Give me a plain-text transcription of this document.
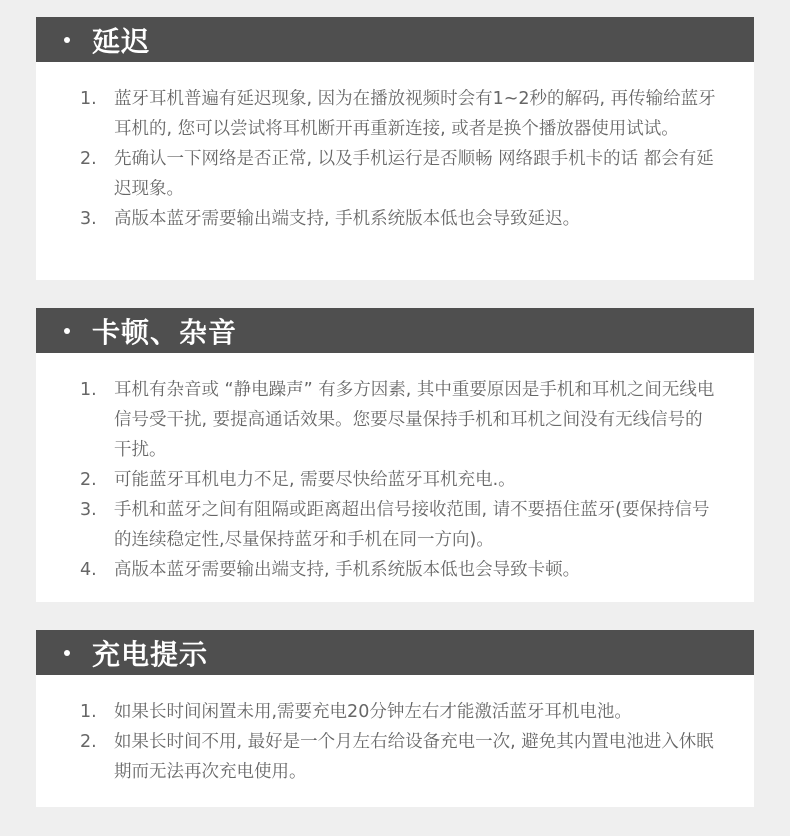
延迟
1. 蓝牙耳机普遍有延迟现象, 因为在播放视频时会有1~2秒的解码, 再传输给蓝牙耳机的, 您可以尝试将耳机断开再重新连接, 或者是换个播放器使用试试。
2. 先确认一下网络是否正常, 以及手机运行是否顺畅 网络跟手机卡的话 都会有延迟现象。
3. 高版本蓝牙需要输出端支持, 手机系统版本低也会导致延迟。
卡顿、杂音
1. 耳机有杂音或 “静电躁声” 有多方因素, 其中重要原因是手机和耳机之间无线电信号受干扰, 要提高通话效果。您要尽量保持手机和耳机之间没有无线信号的干扰。
2. 可能蓝牙耳机电力不足, 需要尽快给蓝牙耳机充电.。
3. 手机和蓝牙之间有阻隔或距离超出信号接收范围, 请不要捂住蓝牙(要保持信号的连续稳定性,尽量保持蓝牙和手机在同一方向)。
4. 高版本蓝牙需要输出端支持, 手机系统版本低也会导致卡顿。
充电提示
1. 如果长时间闲置未用,需要充电20分钟左右才能激活蓝牙耳机电池。
2. 如果长时间不用, 最好是一个月左右给设备充电一次, 避免其内置电池进入休眠期而无法再次充电使用。
